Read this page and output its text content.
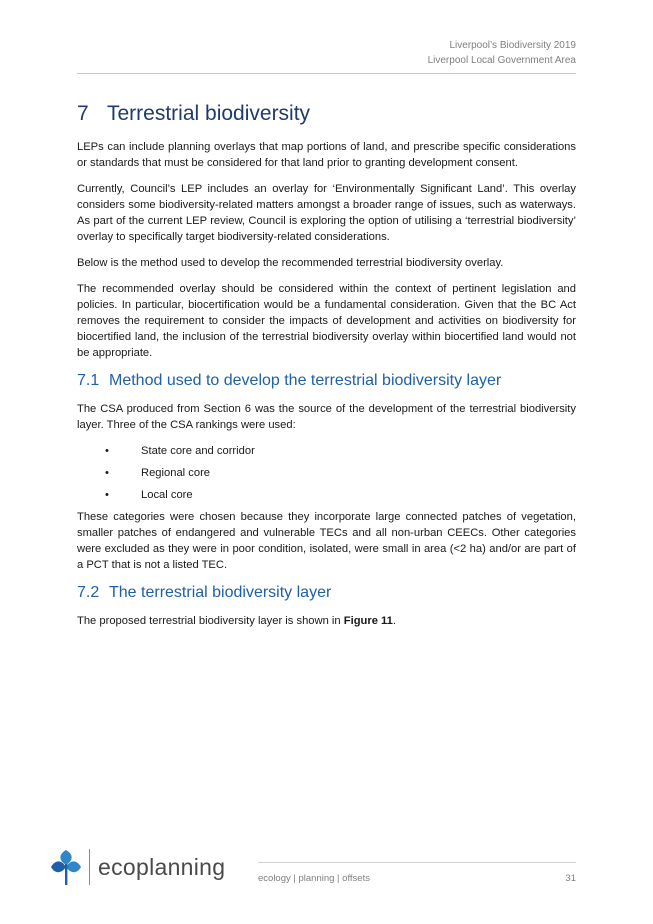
Liverpool’s Biodiversity 2019
Liverpool Local Government Area
7 Terrestrial biodiversity

LEPs can include planning overlays that map portions of land, and prescribe specific considerations or standards that must be considered for that land prior to granting development consent.

Currently, Council’s LEP includes an overlay for ‘Environmentally Significant Land’. This overlay considers some biodiversity-related matters amongst a broader range of issues, such as waterways. As part of the current LEP review, Council is exploring the option of utilising a ‘terrestrial biodiversity’ overlay to specifically target biodiversity-related considerations.

Below is the method used to develop the recommended terrestrial biodiversity overlay.

The recommended overlay should be considered within the context of pertinent legislation and policies. In particular, biocertification would be a fundamental consideration. Given that the BC Act removes the requirement to consider the impacts of development and activities on biodiversity for biocertified land, the inclusion of the terrestrial biodiversity overlay within biocertified land would not be appropriate.

7.1 Method used to develop the terrestrial biodiversity layer

The CSA produced from Section 6 was the source of the development of the terrestrial biodiversity layer. Three of the CSA rankings were used:

•	State core and corridor
•	Regional core
•	Local core

These categories were chosen because they incorporate large connected patches of vegetation, smaller patches of endangered and vulnerable TECs and all non-urban CEECs. Other categories were excluded as they were in poor condition, isolated, were small in area (<2 ha) and/or are part of a PCT that is not a listed TEC.

7.2 The terrestrial biodiversity layer

The proposed terrestrial biodiversity layer is shown in Figure 11.

ecoplanning	ecology | planning | offsets	31
